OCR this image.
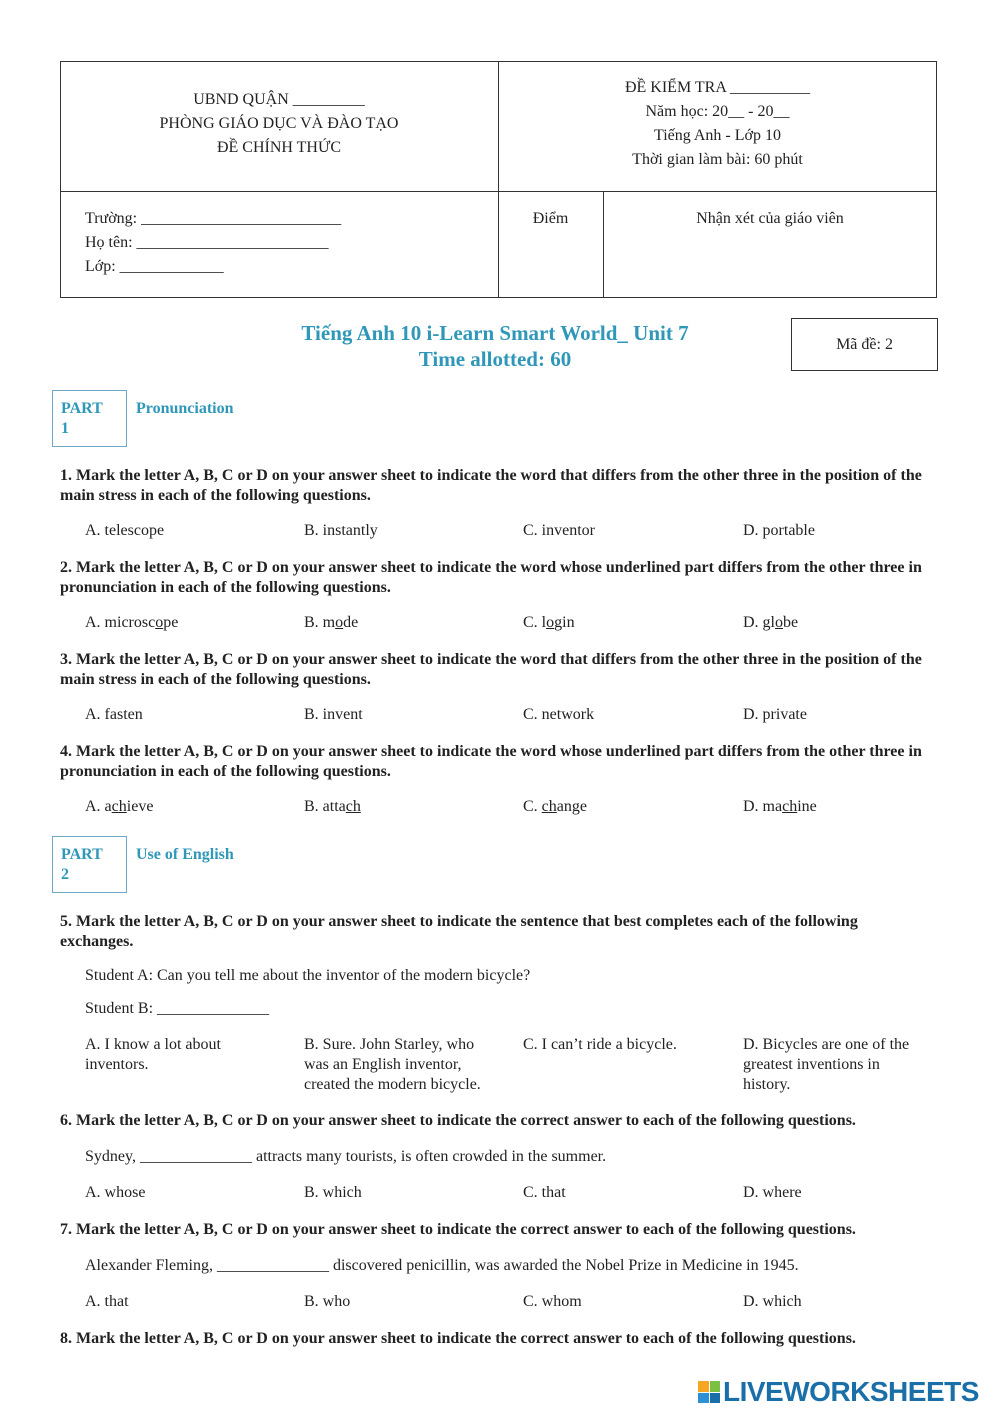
UBND QUẬN _________
PHÒNG GIÁO DỤC VÀ ĐÀO TẠO
ĐỀ CHÍNH THỨC
ĐỀ KIỂM TRA __________
Năm học: 20__ - 20__
Tiếng Anh - Lớp 10
Thời gian làm bài: 60 phút
Trường: _________________________
Họ tên: ________________________
Lớp: _____________
Điểm	Nhận xét của giáo viên
Tiếng Anh 10 i-Learn Smart World_ Unit 7
Time allotted: 60
Mã đề: 2
PART
1
Pronunciation
1. Mark the letter A, B, C or D on your answer sheet to indicate the word that differs from the other three in the position of the main stress in each of the following questions.
A. telescope	B. instantly	C. inventor	D. portable
2. Mark the letter A, B, C or D on your answer sheet to indicate the word whose underlined part differs from the other three in pronunciation in each of the following questions.
A. microscope	B. mode	C. login	D. globe
3. Mark the letter A, B, C or D on your answer sheet to indicate the word that differs from the other three in the position of the main stress in each of the following questions.
A. fasten	B. invent	C. network	D. private
4. Mark the letter A, B, C or D on your answer sheet to indicate the word whose underlined part differs from the other three in pronunciation in each of the following questions.
A. achieve	B. attach	C. change	D. machine
PART
2
Use of English
5. Mark the letter A, B, C or D on your answer sheet to indicate the sentence that best completes each of the following exchanges.
Student A: Can you tell me about the inventor of the modern bicycle?
Student B: ______________
A. I know a lot about inventors.
B. Sure. John Starley, who was an English inventor, created the modern bicycle.
C. I can’t ride a bicycle.	D. Bicycles are one of the greatest inventions in history.
6. Mark the letter A, B, C or D on your answer sheet to indicate the correct answer to each of the following questions.
Sydney, ______________ attracts many tourists, is often crowded in the summer.
A. whose	B. which	C. that	D. where
7. Mark the letter A, B, C or D on your answer sheet to indicate the correct answer to each of the following questions.
Alexander Fleming, ______________ discovered penicillin, was awarded the Nobel Prize in Medicine in 1945.
A. that	B. who	C. whom	D. which
8. Mark the letter A, B, C or D on your answer sheet to indicate the correct answer to each of the following questions.
LIVEWORKSHEETS
